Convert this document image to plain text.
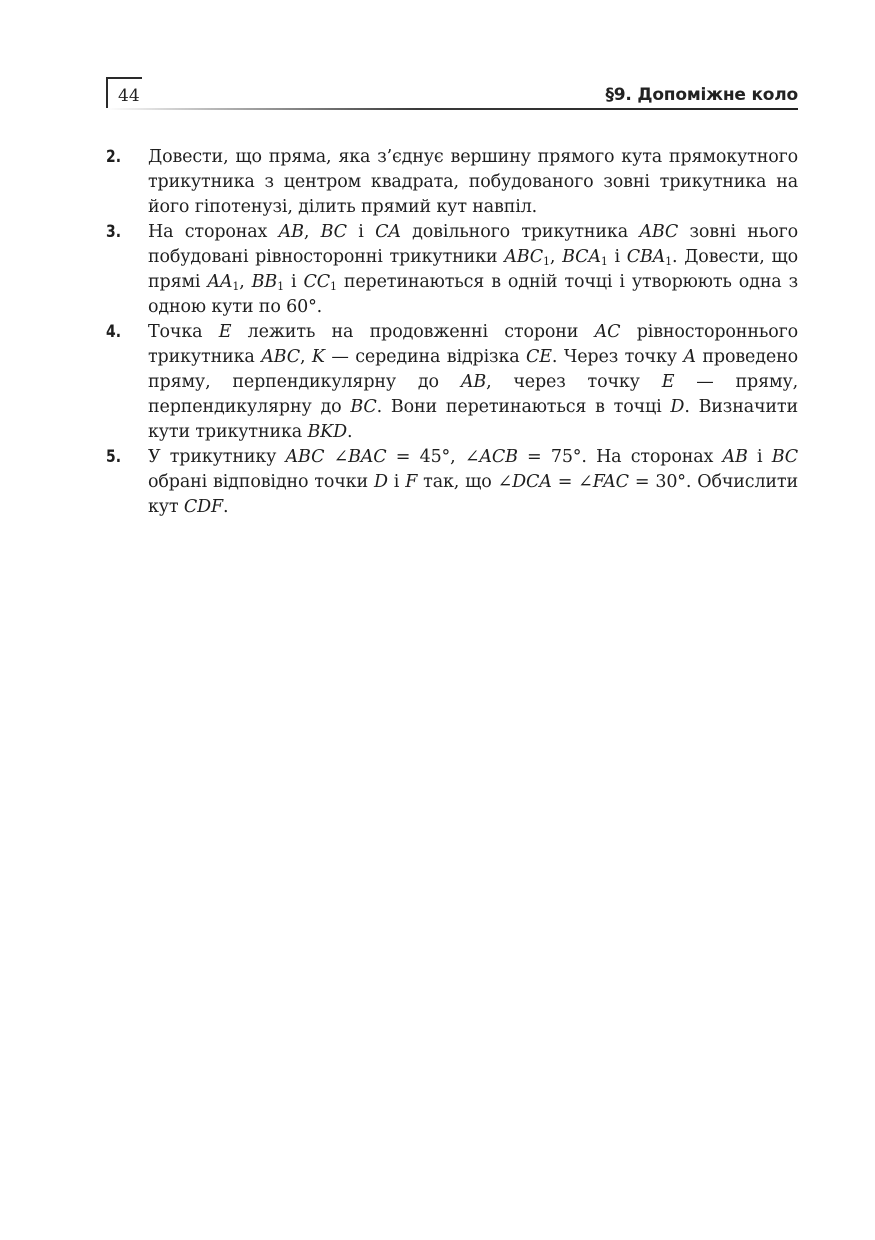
44	§9. Допоміжне коло
2. Довести, що пряма, яка з’єднує вершину прямого кута прямокутного трикутника з центром квадрата, побудованого зовні трикутника на його гіпотенузі, ділить прямий кут навпіл.
3. На сторонах AB, BC і CA довільного трикутника ABC зовні нього побудовані рівносторонні трикутники $ABC_1$, $BCA_1$ і $CBA_1$. Довести, що прямі $AA_1$, $BB_1$ і $CC_1$ перетинаються в одній точці і утворюють одна з одною кути по 60°.
4. Точка E лежить на продовженні сторони AC рівностороннього трикутника ABC, K — середина відрізка CE. Через точку A проведено пряму, перпендикулярну до AB, через точку E — пряму, перпендикулярну до BC. Вони перетинаються в точці D. Визначити кути трикутника BKD.
5. У трикутнику ABC ∠BAC = 45°, ∠ACB = 75°. На сторонах AB і BC обрані відповідно точки D і F так, що ∠DCA = ∠FAC = 30°. Обчислити кут CDF.
